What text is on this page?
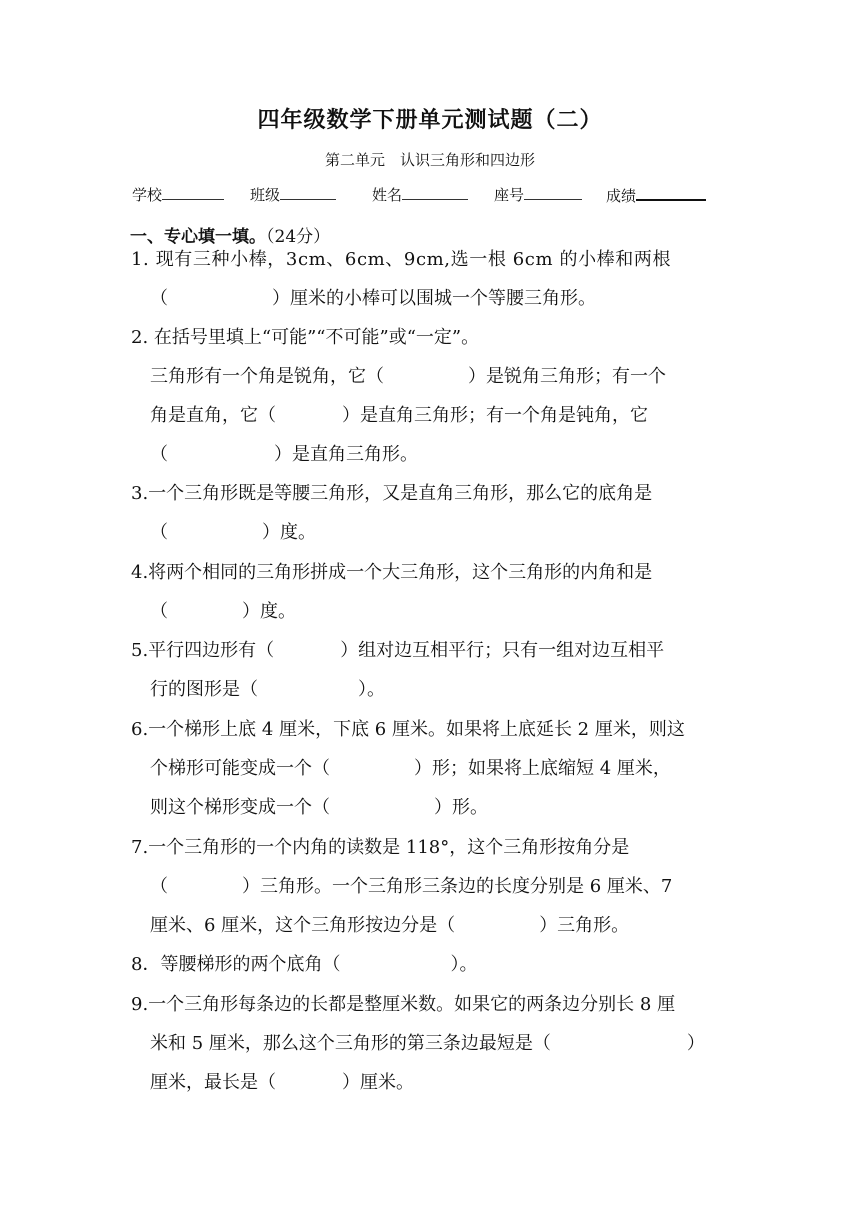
四年级数学下册单元测试题（二）
第二单元　认识三角形和四边形
学校	班级	姓名	座号	成绩
一、专心填一填。（24分）
1. 现有三种小棒，3cm、6cm、9cm,选一根 6cm 的小棒和两根
（	）厘米的小棒可以围城一个等腰三角形。
2. 在括号里填上“可能”“不可能”或“一定”。
三角形有一个角是锐角，它（	）是锐角三角形；有一个
角是直角，它（	）是直角三角形；有一个角是钝角，它
（	）是直角三角形。
3.一个三角形既是等腰三角形，又是直角三角形，那么它的底角是
（	）度。
4.将两个相同的三角形拼成一个大三角形，这个三角形的内角和是
（	）度。
5.平行四边形有（	）组对边互相平行；只有一组对边互相平
行的图形是（	）。
6.一个梯形上底 4 厘米，下底 6 厘米。如果将上底延长 2 厘米，则这
个梯形可能变成一个（	）形；如果将上底缩短 4 厘米，
则这个梯形变成一个（	）形。
7.一个三角形的一个内角的读数是 118°，这个三角形按角分是
（	）三角形。一个三角形三条边的长度分别是 6 厘米、7
厘米、6 厘米，这个三角形按边分是（	）三角形。
8．等腰梯形的两个底角（	）。
9.一个三角形每条边的长都是整厘米数。如果它的两条边分别长 8 厘
米和 5 厘米，那么这个三角形的第三条边最短是（	）
厘米，最长是（	）厘米。
